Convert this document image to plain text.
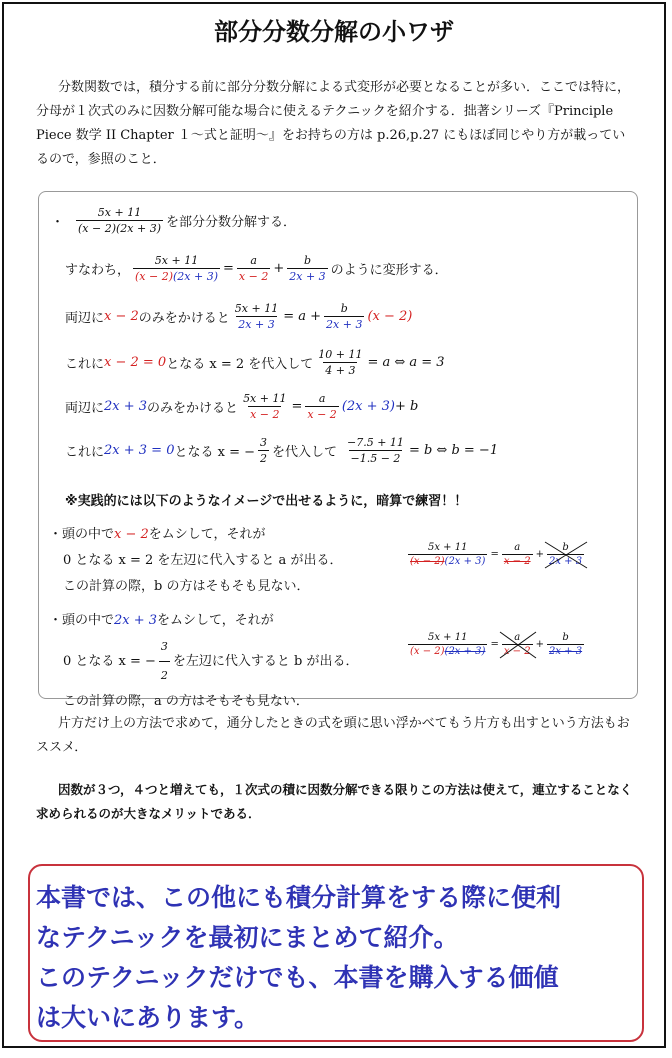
部分分数分解の小ワザ
分数関数では，積分する前に部分分数分解による式変形が必要となることが多い．ここでは特に，分母が１次式のみに因数分解可能な場合に使えるテクニックを紹介する．拙著シリーズ『Principle Piece 数学 II Chapter １〜式と証明〜』をお持ちの方は p.26,p.27 にもほぼ同じやり方が載っているので，参照のこと．
・ $\frac{5x + 11}{(x - 2)(2x + 3)}$ を部分分数分解する．
すなわち， $\frac{5x + 11}{(x - 2)(2x + 3)} = \frac{a}{x - 2} + \frac{b}{2x + 3}$ のように変形する．
両辺に x − 2 のみをかけると $\frac{5x + 11}{2x + 3} = a + \frac{b}{2x + 3} (x - 2)$
これに x − 2 = 0 となる x = 2 を代入して $\frac{10 + 11}{4 + 3} = a$ ⇔ a = 3
両辺に 2x + 3 のみをかけると $\frac{5x + 11}{x - 2} = \frac{a}{x - 2} (2x + 3) + b$
これに 2x + 3 = 0 となる x = − $\frac{3}{2}$ を代入して $\frac{-7.5 + 11}{-1.5 - 2} = b$ ⇔ b = −1
※実践的には以下のようなイメージで出せるように，暗算で練習！！
・頭の中でx − 2をムシして，それが
0 となる x = 2 を左辺に代入すると a が出る．
この計算の際，b の方はそもそも見ない．
$\frac{5x + 11}{(x - 2)(2x + 3)} = \frac{a}{x - 2} + \frac{b}{2x + 3}$
・頭の中で2x + 3をムシして，それが
0 となる x = − $\frac{3}{2}$ を左辺に代入すると b が出る．
この計算の際，a の方はそもそも見ない．
$\frac{5x + 11}{(x - 2)(2x + 3)} = \frac{a}{x - 2} + \frac{b}{2x + 3}$
片方だけ上の方法で求めて，通分したときの式を頭に思い浮かべてもう片方も出すという方法もおススメ．
因数が３つ，４つと増えても，１次式の積に因数分解できる限りこの方法は使えて，連立することなく求められるのが大きなメリットである．
本書では、この他にも積分計算をする際に便利
なテクニックを最初にまとめて紹介。
このテクニックだけでも、本書を購入する価値
は大いにあります。
